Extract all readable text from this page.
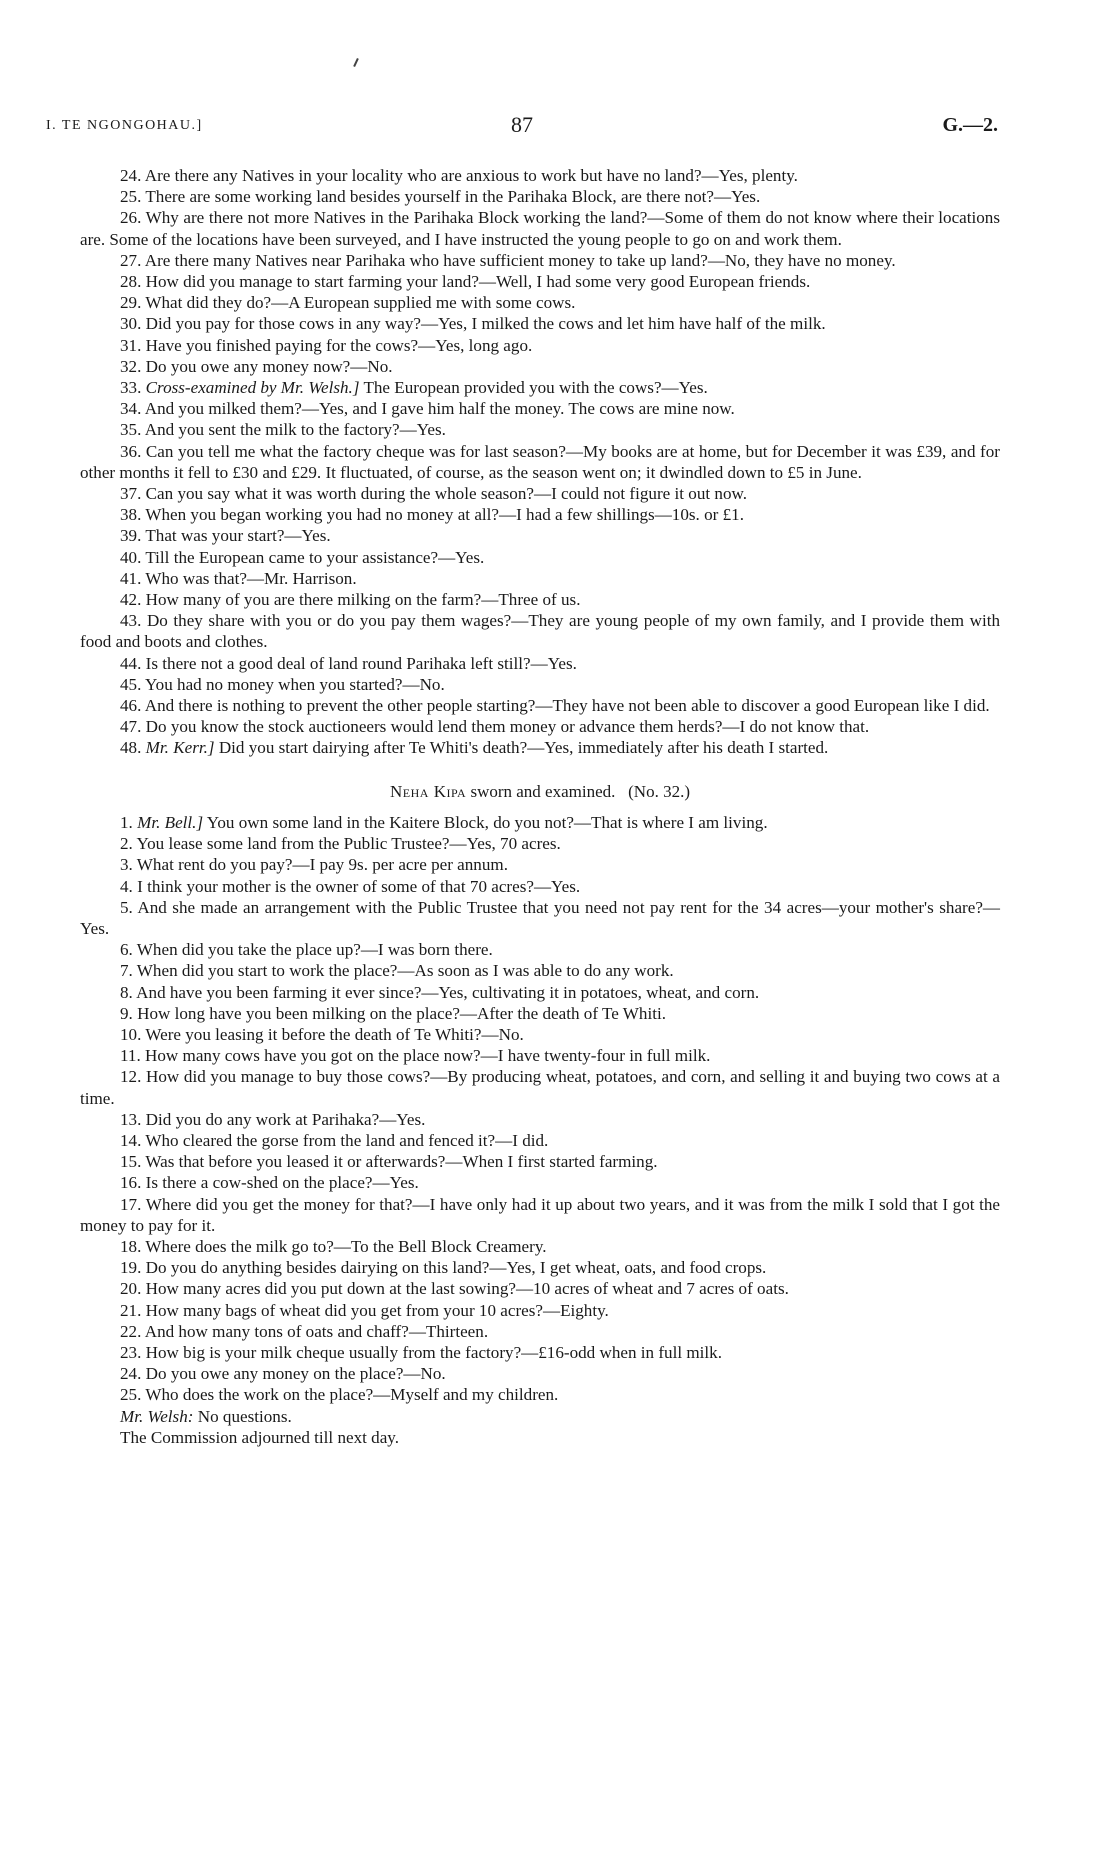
I. TE NGONGOHAU.]	87	G.—2.

24. Are there any Natives in your locality who are anxious to work but have no land?—Yes, plenty.

25. There are some working land besides yourself in the Parihaka Block, are there not?—Yes.

26. Why are there not more Natives in the Parihaka Block working the land?—Some of them do not know where their locations are. Some of the locations have been surveyed, and I have instructed the young people to go on and work them.

27. Are there many Natives near Parihaka who have sufficient money to take up land?—No, they have no money.

28. How did you manage to start farming your land?—Well, I had some very good European friends.

29. What did they do?—A European supplied me with some cows.

30. Did you pay for those cows in any way?—Yes, I milked the cows and let him have half of the milk.

31. Have you finished paying for the cows?—Yes, long ago.

32. Do you owe any money now?—No.

33. Cross-examined by Mr. Welsh.] The European provided you with the cows?—Yes.

34. And you milked them?—Yes, and I gave him half the money. The cows are mine now.

35. And you sent the milk to the factory?—Yes.

36. Can you tell me what the factory cheque was for last season?—My books are at home, but for December it was £39, and for other months it fell to £30 and £29. It fluctuated, of course, as the season went on; it dwindled down to £5 in June.

37. Can you say what it was worth during the whole season?—I could not figure it out now.

38. When you began working you had no money at all?—I had a few shillings—10s. or £1.

39. That was your start?—Yes.

40. Till the European came to your assistance?—Yes.

41. Who was that?—Mr. Harrison.

42. How many of you are there milking on the farm?—Three of us.

43. Do they share with you or do you pay them wages?—They are young people of my own family, and I provide them with food and boots and clothes.

44. Is there not a good deal of land round Parihaka left still?—Yes.

45. You had no money when you started?—No.

46. And there is nothing to prevent the other people starting?—They have not been able to discover a good European like I did.

47. Do you know the stock auctioneers would lend them money or advance them herds?—I do not know that.

48. Mr. Kerr.] Did you start dairying after Te Whiti's death?—Yes, immediately after his death I started.

Neha Kipa sworn and examined. (No. 32.)

1. Mr. Bell.] You own some land in the Kaitere Block, do you not?—That is where I am living.

2. You lease some land from the Public Trustee?—Yes, 70 acres.

3. What rent do you pay?—I pay 9s. per acre per annum.

4. I think your mother is the owner of some of that 70 acres?—Yes.

5. And she made an arrangement with the Public Trustee that you need not pay rent for the 34 acres—your mother's share?—Yes.

6. When did you take the place up?—I was born there.

7. When did you start to work the place?—As soon as I was able to do any work.

8. And have you been farming it ever since?—Yes, cultivating it in potatoes, wheat, and corn.

9. How long have you been milking on the place?—After the death of Te Whiti.

10. Were you leasing it before the death of Te Whiti?—No.

11. How many cows have you got on the place now?—I have twenty-four in full milk.

12. How did you manage to buy those cows?—By producing wheat, potatoes, and corn, and selling it and buying two cows at a time.

13. Did you do any work at Parihaka?—Yes.

14. Who cleared the gorse from the land and fenced it?—I did.

15. Was that before you leased it or afterwards?—When I first started farming.

16. Is there a cow-shed on the place?—Yes.

17. Where did you get the money for that?—I have only had it up about two years, and it was from the milk I sold that I got the money to pay for it.

18. Where does the milk go to?—To the Bell Block Creamery.

19. Do you do anything besides dairying on this land?—Yes, I get wheat, oats, and food crops.

20. How many acres did you put down at the last sowing?—10 acres of wheat and 7 acres of oats.

21. How many bags of wheat did you get from your 10 acres?—Eighty.

22. And how many tons of oats and chaff?—Thirteen.

23. How big is your milk cheque usually from the factory?—£16-odd when in full milk.

24. Do you owe any money on the place?—No.

25. Who does the work on the place?—Myself and my children.

Mr. Welsh: No questions.

The Commission adjourned till next day.
